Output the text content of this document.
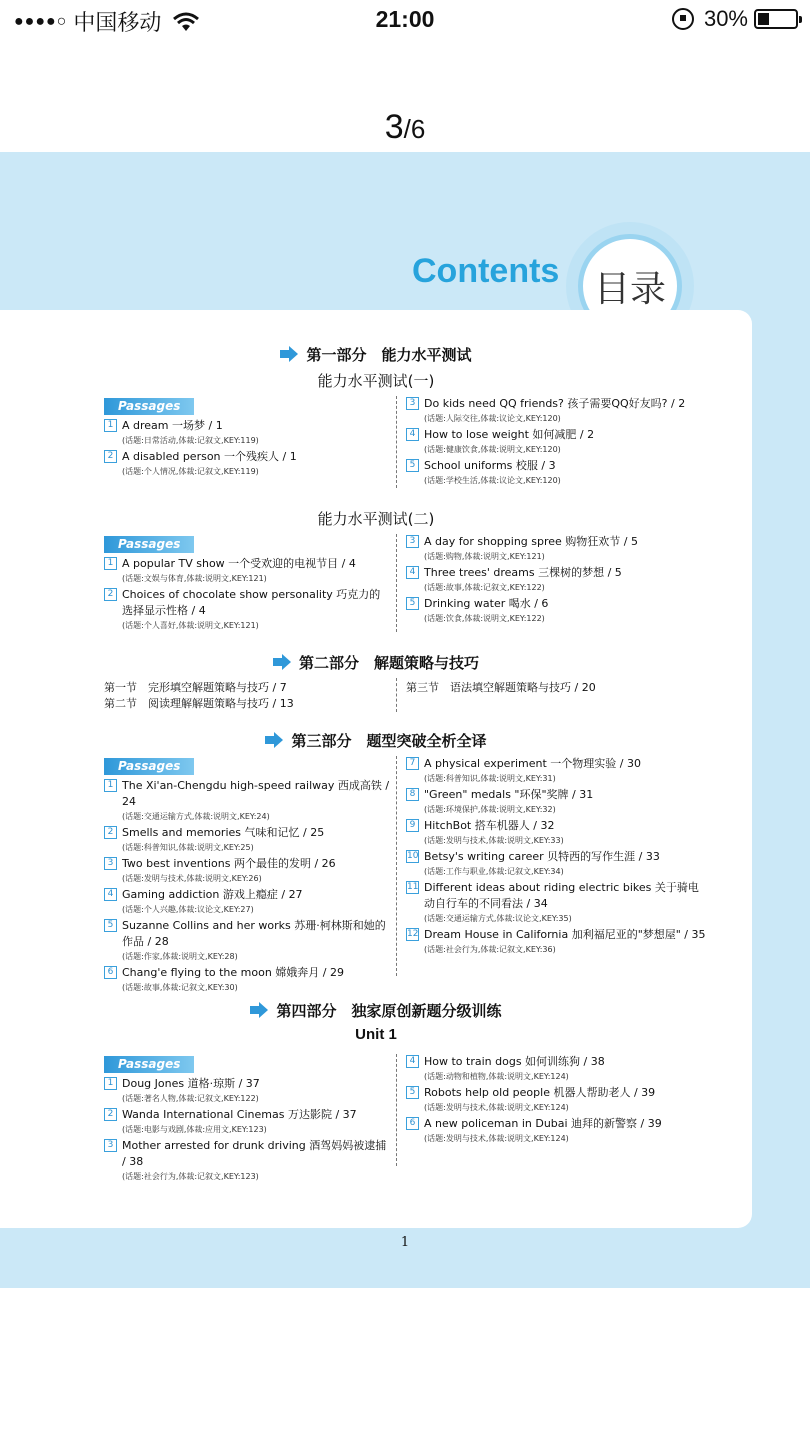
●●●●○ 中国移动	21:00	30%
3/6
Contents 目录
第一部分　能力水平测试
能力水平测试(一)
Passages
1 A dream 一场梦 / 1
(话题:日常活动,体裁:记叙文,KEY:119)
2 A disabled person 一个残疾人 / 1
(话题:个人情况,体裁:记叙文,KEY:119)
3 Do kids need QQ friends? 孩子需要QQ好友吗? / 2
(话题:人际交往,体裁:议论文,KEY:120)
4 How to lose weight 如何减肥 / 2
(话题:健康饮食,体裁:说明文,KEY:120)
5 School uniforms 校服 / 3
(话题:学校生活,体裁:议论文,KEY:120)
能力水平测试(二)
Passages
1 A popular TV show 一个受欢迎的电视节目 / 4
(话题:文娱与体育,体裁:说明文,KEY:121)
2 Choices of chocolate show personality 巧克力的选择显示性格 / 4
(话题:个人喜好,体裁:说明文,KEY:121)
3 A day for shopping spree 购物狂欢节 / 5
(话题:购物,体裁:说明文,KEY:121)
4 Three trees' dreams 三棵树的梦想 / 5
(话题:故事,体裁:记叙文,KEY:122)
5 Drinking water 喝水 / 6
(话题:饮食,体裁:说明文,KEY:122)
第二部分　解题策略与技巧
第一节　完形填空解题策略与技巧 / 7
第二节　阅读理解解题策略与技巧 / 13
第三节　语法填空解题策略与技巧 / 20
第三部分　题型突破全析全译
Passages
1 The Xi'an-Chengdu high-speed railway 西成高铁 / 24
(话题:交通运输方式,体裁:说明文,KEY:24)
2 Smells and memories 气味和记忆 / 25
(话题:科普知识,体裁:说明文,KEY:25)
3 Two best inventions 两个最佳的发明 / 26
(话题:发明与技术,体裁:说明文,KEY:26)
4 Gaming addiction 游戏上瘾症 / 27
(话题:个人兴趣,体裁:议论文,KEY:27)
5 Suzanne Collins and her works 苏珊·柯林斯和她的作品 / 28
(话题:作家,体裁:说明文,KEY:28)
6 Chang'e flying to the moon 嫦娥奔月 / 29
(话题:故事,体裁:记叙文,KEY:30)
7 A physical experiment 一个物理实验 / 30
(话题:科普知识,体裁:说明文,KEY:31)
8 "Green" medals "环保"奖牌 / 31
(话题:环境保护,体裁:说明文,KEY:32)
9 HitchBot 搭车机器人 / 32
(话题:发明与技术,体裁:说明文,KEY:33)
10 Betsy's writing career 贝特西的写作生涯 / 33
(话题:工作与职业,体裁:记叙文,KEY:34)
11 Different ideas about riding electric bikes 关于骑电动自行车的不同看法 / 34
(话题:交通运输方式,体裁:议论文,KEY:35)
12 Dream House in California 加利福尼亚的"梦想屋" / 35
(话题:社会行为,体裁:记叙文,KEY:36)
第四部分　独家原创新题分级训练
Unit 1
Passages
1 Doug Jones 道格·琼斯 / 37
(话题:著名人物,体裁:记叙文,KEY:122)
2 Wanda International Cinemas 万达影院 / 37
(话题:电影与戏剧,体裁:应用文,KEY:123)
3 Mother arrested for drunk driving 酒驾妈妈被逮捕 / 38
(话题:社会行为,体裁:记叙文,KEY:123)
4 How to train dogs 如何训练狗 / 38
(话题:动物和植物,体裁:说明文,KEY:124)
5 Robots help old people 机器人帮助老人 / 39
(话题:发明与技术,体裁:说明文,KEY:124)
6 A new policeman in Dubai 迪拜的新警察 / 39
(话题:发明与技术,体裁:说明文,KEY:124)
1
